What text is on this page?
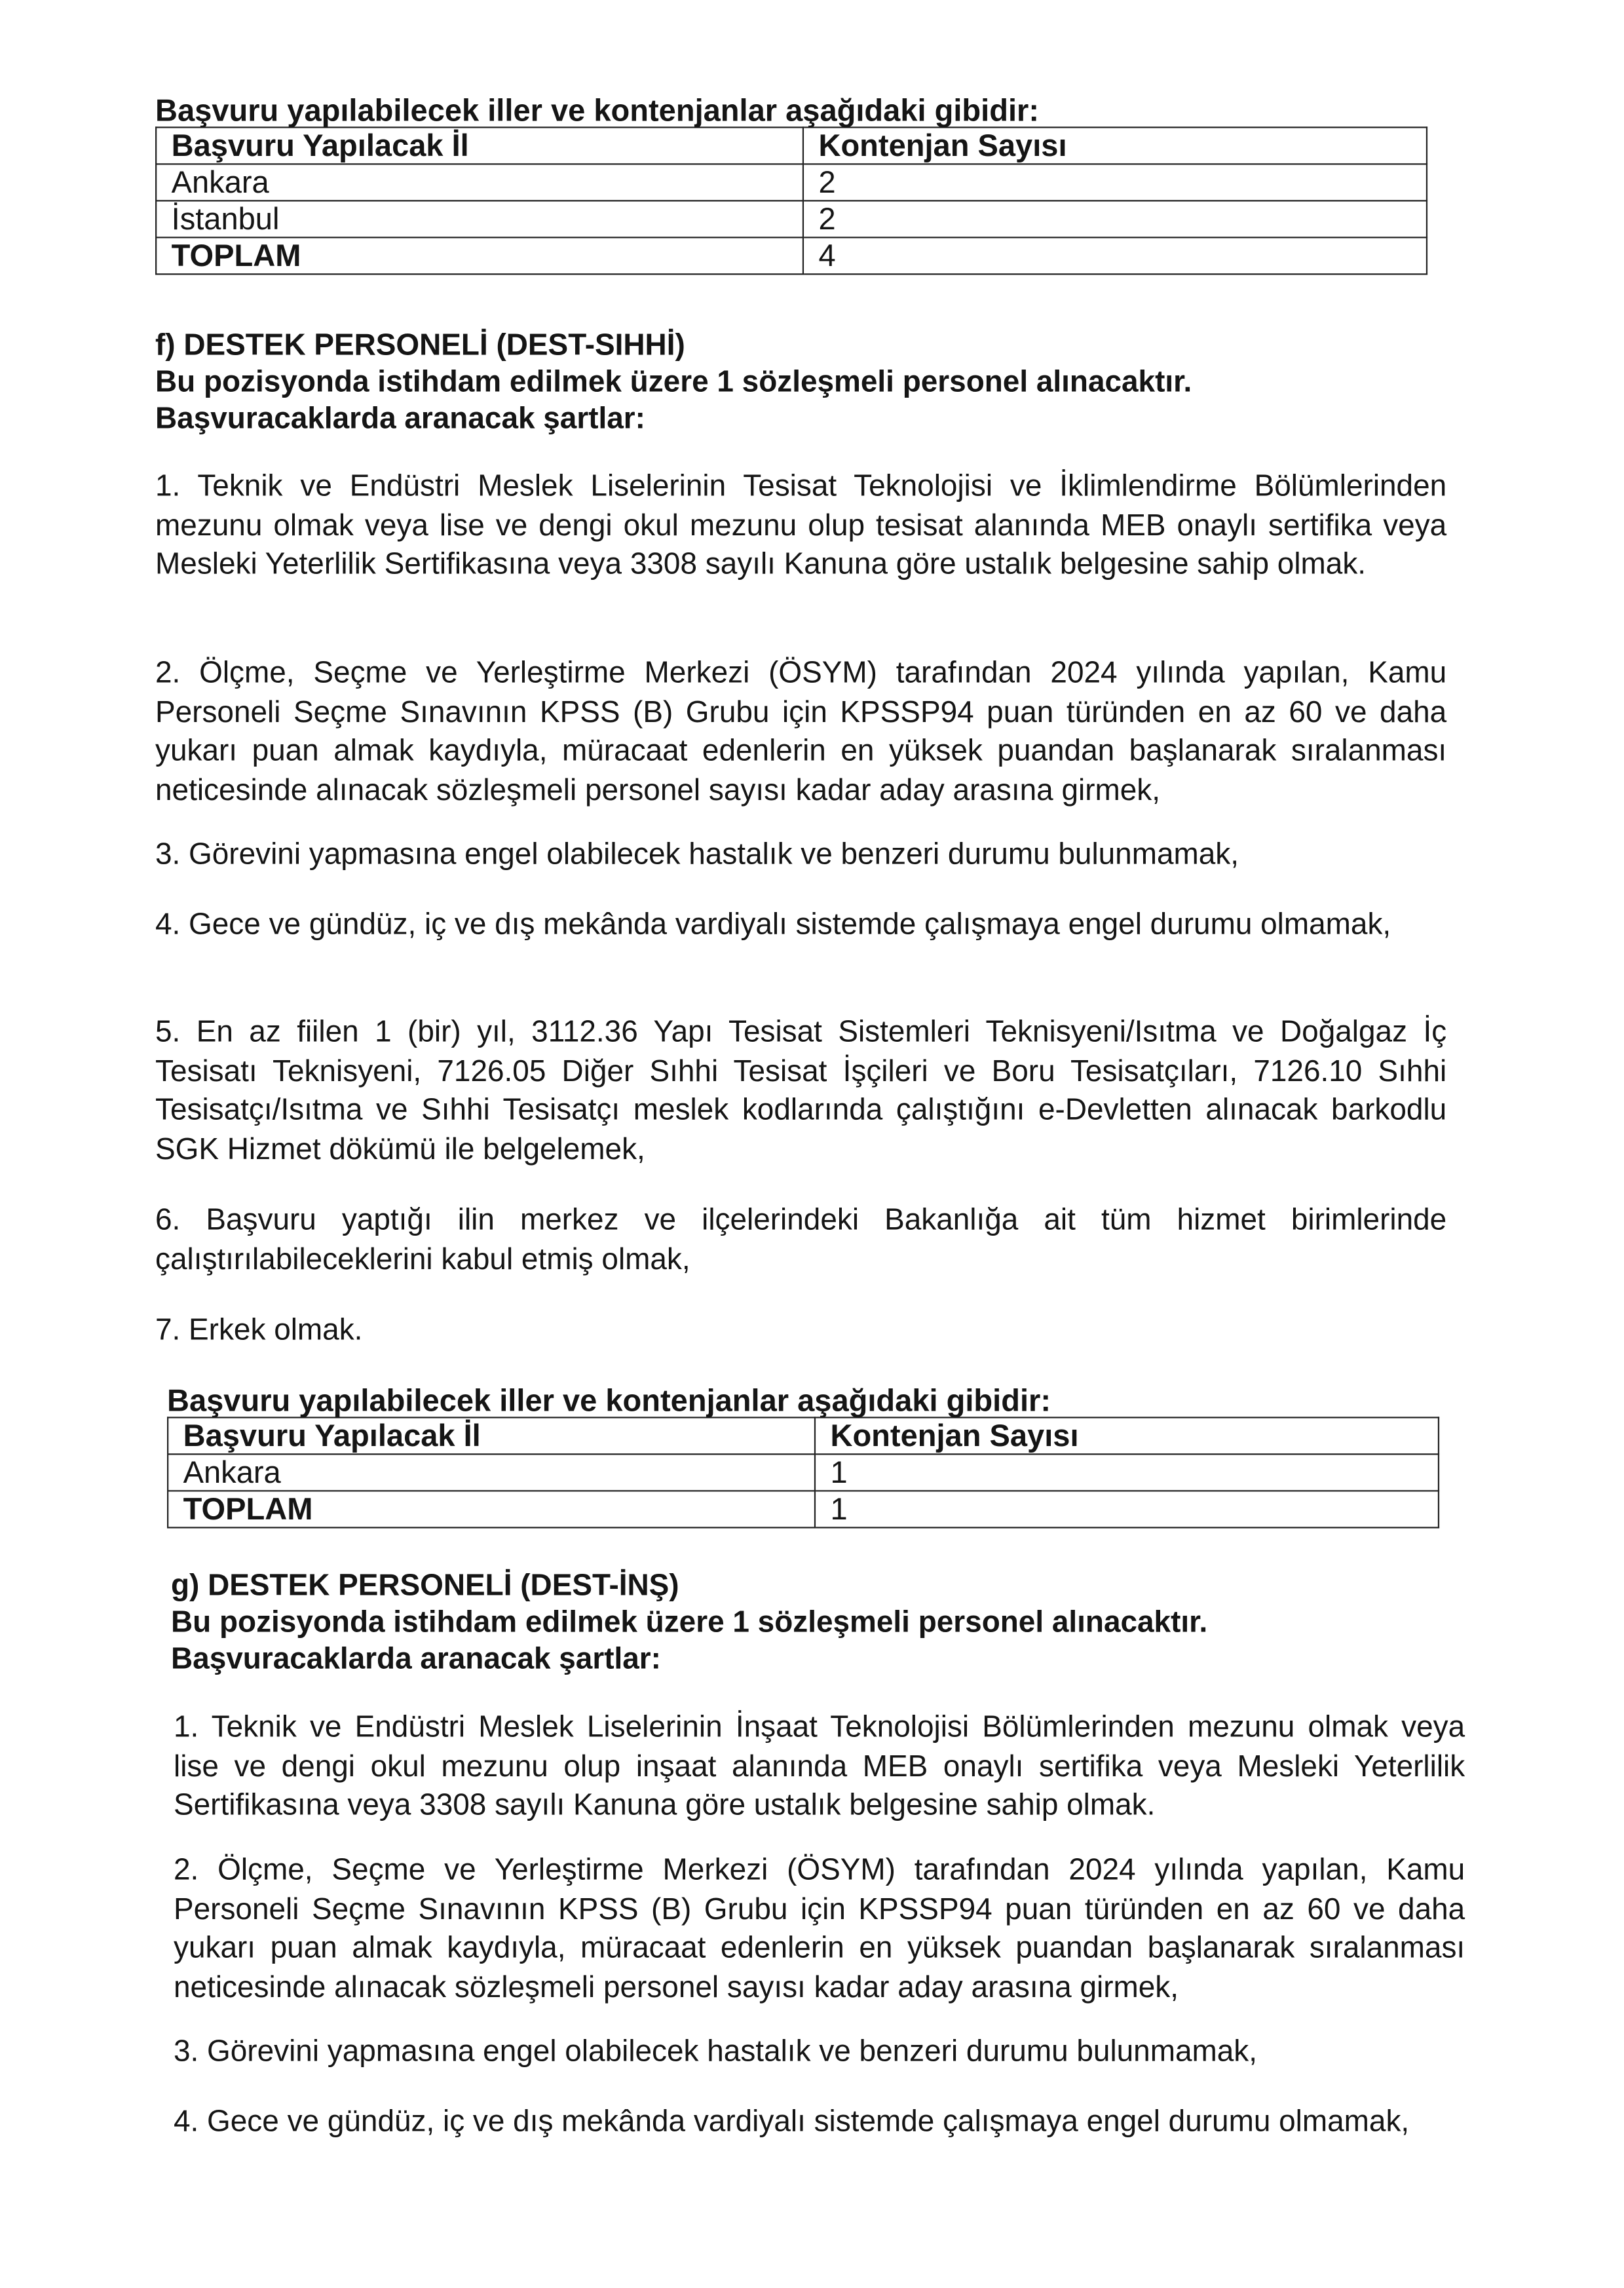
Başvuru yapılabilecek iller ve kontenjanlar aşağıdaki gibidir:

Başvuru Yapılacak İl	Kontenjan Sayısı
Ankara	2
İstanbul	2
TOPLAM	4

f) DESTEK PERSONELİ (DEST-SIHHİ)

Bu pozisyonda istihdam edilmek üzere 1 sözleşmeli personel alınacaktır.

Başvuracaklarda aranacak şartlar:

1. Teknik ve Endüstri Meslek Liselerinin Tesisat Teknolojisi ve İklimlendirme Bölümlerinden mezunu olmak veya lise ve dengi okul mezunu olup tesisat alanında MEB onaylı sertifika veya Mesleki Yeterlilik Sertifikasına veya 3308 sayılı Kanuna göre ustalık belgesine sahip olmak.

2. Ölçme, Seçme ve Yerleştirme Merkezi (ÖSYM) tarafından 2024 yılında yapılan, Kamu Personeli Seçme Sınavının KPSS (B) Grubu için KPSSP94 puan türünden en az 60 ve daha yukarı puan almak kaydıyla, müracaat edenlerin en yüksek puandan başlanarak sıralanması neticesinde alınacak sözleşmeli personel sayısı kadar aday arasına girmek,

3. Görevini yapmasına engel olabilecek hastalık ve benzeri durumu bulunmamak,

4. Gece ve gündüz, iç ve dış mekânda vardiyalı sistemde çalışmaya engel durumu olmamak,

5. En az fiilen 1 (bir) yıl, 3112.36 Yapı Tesisat Sistemleri Teknisyeni/Isıtma ve Doğalgaz İç Tesisatı Teknisyeni, 7126.05 Diğer Sıhhi Tesisat İşçileri ve Boru Tesisatçıları, 7126.10 Sıhhi Tesisatçı/Isıtma ve Sıhhi Tesisatçı meslek kodlarında çalıştığını e-Devletten alınacak barkodlu SGK Hizmet dökümü ile belgelemek,

6. Başvuru yaptığı ilin merkez ve ilçelerindeki Bakanlığa ait tüm hizmet birimlerinde çalıştırılabileceklerini kabul etmiş olmak,

7. Erkek olmak.

Başvuru yapılabilecek iller ve kontenjanlar aşağıdaki gibidir:

Başvuru Yapılacak İl	Kontenjan Sayısı
Ankara	1
TOPLAM	1

g) DESTEK PERSONELİ (DEST-İNŞ)

Bu pozisyonda istihdam edilmek üzere 1 sözleşmeli personel alınacaktır.

Başvuracaklarda aranacak şartlar:

1. Teknik ve Endüstri Meslek Liselerinin İnşaat Teknolojisi Bölümlerinden mezunu olmak veya lise ve dengi okul mezunu olup inşaat alanında MEB onaylı sertifika veya Mesleki Yeterlilik Sertifikasına veya 3308 sayılı Kanuna göre ustalık belgesine sahip olmak.

2. Ölçme, Seçme ve Yerleştirme Merkezi (ÖSYM) tarafından 2024 yılında yapılan, Kamu Personeli Seçme Sınavının KPSS (B) Grubu için KPSSP94 puan türünden en az 60 ve daha yukarı puan almak kaydıyla, müracaat edenlerin en yüksek puandan başlanarak sıralanması neticesinde alınacak sözleşmeli personel sayısı kadar aday arasına girmek,

3. Görevini yapmasına engel olabilecek hastalık ve benzeri durumu bulunmamak,

4. Gece ve gündüz, iç ve dış mekânda vardiyalı sistemde çalışmaya engel durumu olmamak,
